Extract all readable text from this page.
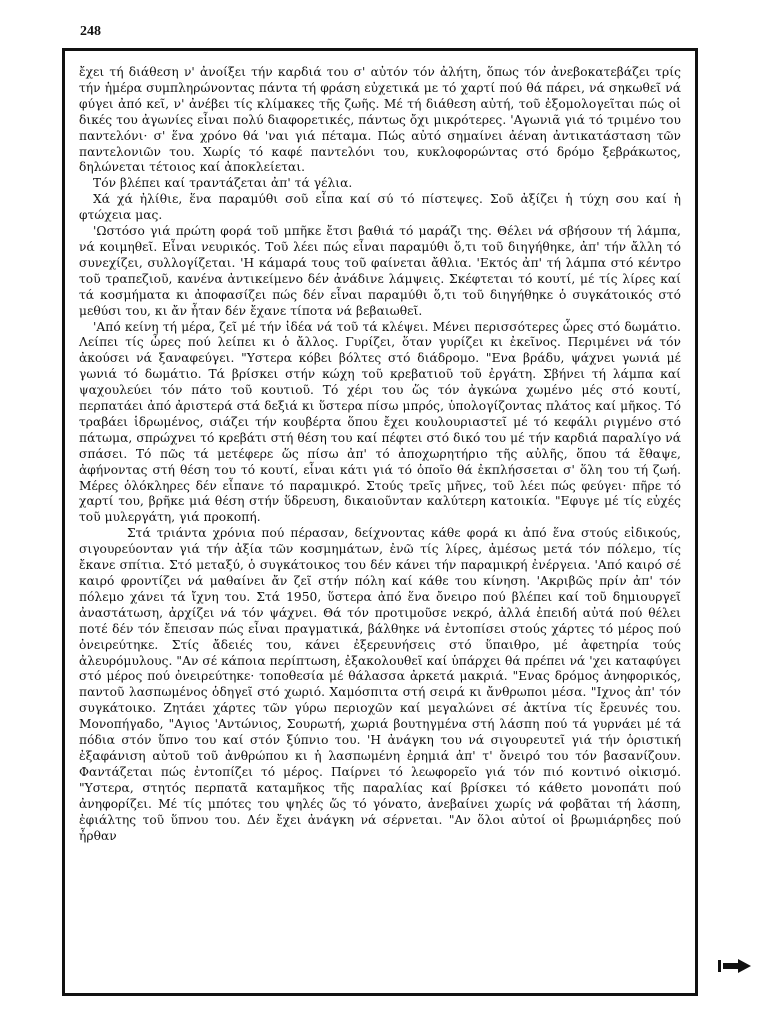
248

ἔχει τή διάθεση ν' ἀνοίξει τήν καρδιά του σ' αὐτόν τόν ἀλήτη, ὅπως τόν ἀνεβοκατεβάζει τρίς τήν ἡμέρα συμπληρώνοντας πάντα τή φράση εὐχετικά με τό χαρτί πού θά πάρει, νά σηκωθεῖ νά φύγει ἀπό κεῖ, ν' ἀνέβει τίς κλίμακες τῆς ζωῆς. Μέ τή διάθεση αὐτή, τοῦ ἐξομολογεῖται πώς οἱ δικές του ἀγωνίες εἶναι πολύ διαφορετικές, πάντως ὄχι μικρότερες. 'Αγωνιᾶ γιά τό τριμένο του παντελόνι· σ' ἕνα χρόνο θά 'ναι γιά πέταμα. Πώς αὐτό σημαίνει ἀέναη ἀντικατάσταση τῶν παντελονιῶν του. Χωρίς τό καφέ παντελόνι του, κυκλοφορώντας στό δρόμο ξεβράκωτος, δηλώνεται τέτοιος καί ἀποκλείεται.

Τόν βλέπει καί τραντάζεται ἀπ' τά γέλια.

Χά χά ἠλίθιε, ἕνα παραμύθι σοῦ εἶπα καί σύ τό πίστεψες. Σοῦ ἀξίζει ἡ τύχη σου καί ἡ φτώχεια μας.

'Ωστόσο γιά πρώτη φορά τοῦ μπῆκε ἔτσι βαθιά τό μαράζι της. Θέλει νά σβήσουν τή λάμπα, νά κοιμηθεῖ. Εἶναι νευρικός. Τοῦ λέει πώς εἶναι παραμύθι ὅ,τι τοῦ διηγήθηκε, ἀπ' τήν ἄλλη τό συνεχίζει, συλλογίζεται. 'Η κάμαρά τους τοῦ φαίνεται ἄθλια. 'Εκτός ἀπ' τή λάμπα στό κέντρο τοῦ τραπεζιοῦ, κανένα ἀντικείμενο δέν ἀνάδινε λάμψεις. Σκέφτεται τό κουτί, μέ τίς λίρες καί τά κοσμήματα κι ἀποφασίζει πώς δέν εἶναι παραμύθι ὅ,τι τοῦ διηγήθηκε ὁ συγκάτοικός στό μεθύσι του, κι ἄν ἦταν δέν ἔχανε τίποτα νά βεβαιωθεῖ.

'Από κείνη τή μέρα, ζεῖ μέ τήν ἰδέα νά τοῦ τά κλέψει. Μένει περισσότερες ὧρες στό δωμάτιο. Λείπει τίς ὧρες πού λείπει κι ὁ ἄλλος. Γυρίζει, ὅταν γυρίζει κι ἐκεῖνος. Περιμένει νά τόν ἀκούσει νά ξαναφεύγει. "Υστερα κόβει βόλτες στό διάδρομο. "Ενα βράδυ, ψάχνει γωνιά μέ γωνιά τό δωμάτιο. Τά βρίσκει στήν κώχη τοῦ κρεβατιοῦ τοῦ ἐργάτη. Σβήνει τή λάμπα καί ψαχουλεύει τόν πάτο τοῦ κουτιοῦ. Τό χέρι του ὥς τόν ἀγκώνα χωμένο μές στό κουτί, περπατάει ἀπό ἀριστερά στά δεξιά κι ὕστερα πίσω μπρός, ὑπολογίζοντας πλάτος καί μῆκος. Τό τραβάει ἱδρωμένος, σιάζει τήν κουβέρτα ὅπου ἔχει κουλουριαστεῖ μέ τό κεφάλι ριγμένο στό πάτωμα, σπρώχνει τό κρεβάτι στή θέση του καί πέφτει στό δικό του μέ τήν καρδιά παραλίγο νά σπάσει. Τό πῶς τά μετέφερε ὥς πίσω ἀπ' τό ἀποχωρητήριο τῆς αὐλῆς, ὅπου τά ἔθαψε, ἀφήνοντας στή θέση του τό κουτί, εἶναι κάτι γιά τό ὁποῖο θά ἐκπλήσσεται σ' ὅλη του τή ζωή. Μέρες ὁλόκληρες δέν εἶπανε τό παραμικρό. Στούς τρεῖς μῆνες, τοῦ λέει πώς φεύγει· πῆρε τό χαρτί του, βρῆκε μιά θέση στήν ὕδρευση, δικαιοῦνταν καλύτερη κατοικία. "Εφυγε μέ τίς εὐχές τοῦ μυλεργάτη, γιά προκοπή.

Στά τριάντα χρόνια πού πέρασαν, δείχνοντας κάθε φορά κι ἀπό ἕνα στούς εἰδικούς, σιγουρεύονταν γιά τήν ἀξία τῶν κοσμημάτων, ἐνῶ τίς λίρες, ἀμέσως μετά τόν πόλεμο, τίς ἔκανε σπίτια. Στό μεταξύ, ὁ συγκάτοικος του δέν κάνει τήν παραμικρή ἐνέργεια. 'Από καιρό σέ καιρό φροντίζει νά μαθαίνει ἄν ζεῖ στήν πόλη καί κάθε του κίνηση. 'Ακριβῶς πρίν ἀπ' τόν πόλεμο χάνει τά ἴχνη του. Στά 1950, ὕστερα ἀπό ἕνα ὄνειρο πού βλέπει καί τοῦ δημιουργεῖ ἀναστάτωση, ἀρχίζει νά τόν ψάχνει. Θά τόν προτιμοῦσε νεκρό, ἀλλά ἐπειδή αὐτά πού θέλει ποτέ δέν τόν ἔπεισαν πώς εἶναι πραγματικά, βάλθηκε νά ἐντοπίσει στούς χάρτες τό μέρος πού ὀνειρεύτηκε. Στίς ἄδειές του, κάνει ἐξερευνήσεις στό ὕπαιθρο, μέ ἀφετηρία τούς ἀλευρόμυλους. "Αν σέ κάποια περίπτωση, ἐξακολουθεῖ καί ὑπάρχει θά πρέπει νά 'χει καταφύγει στό μέρος πού ὀνειρεύτηκε· τοποθεσία μέ θάλασσα ἀρκετά μακριά. "Ενας δρόμος ἀνηφορικός, παντοῦ λασπωμένος ὁδηγεῖ στό χωριό. Χαμόσπιτα στή σειρά κι ἄνθρωποι μέσα. "Ιχνος ἀπ' τόν συγκάτοικο. Ζητάει χάρτες τῶν γύρω περιοχῶν καί μεγαλώνει σέ ἀκτίνα τίς ἔρευνές του. Μονοπήγαδο, "Αγιος 'Αντώνιος, Σουρωτή, χωριά βουτηγμένα στή λάσπη πού τά γυρνάει μέ τά πόδια στόν ὕπνο του καί στόν ξύπνιο του. 'Η ἀνάγκη του νά σιγουρευτεῖ γιά τήν ὁριστική ἐξαφάνιση αὐτοῦ τοῦ ἀνθρώπου κι ἡ λασπωμένη ἐρημιά ἀπ' τ' ὄνειρό του τόν βασανίζουν. Φαντάζεται πώς ἐντοπίζει τό μέρος. Παίρνει τό λεωφορεῖο γιά τόν πιό κοντινό οἰκισμό. "Υστερα, στητός περπατᾶ καταμῆκος τῆς παραλίας καί βρίσκει τό κάθετο μονοπάτι πού ἀνηφορίζει. Μέ τίς μπότες του ψηλές ὥς τό γόνατο, ἀνεβαίνει χωρίς νά φοβᾶται τή λάσπη, ἐφιάλτης τοῦ ὕπνου του. Δέν ἔχει ἀνάγκη νά σέρνεται. "Αν ὅλοι αὐτοί οἱ βρωμιάρηδες πού ἦρθαν
